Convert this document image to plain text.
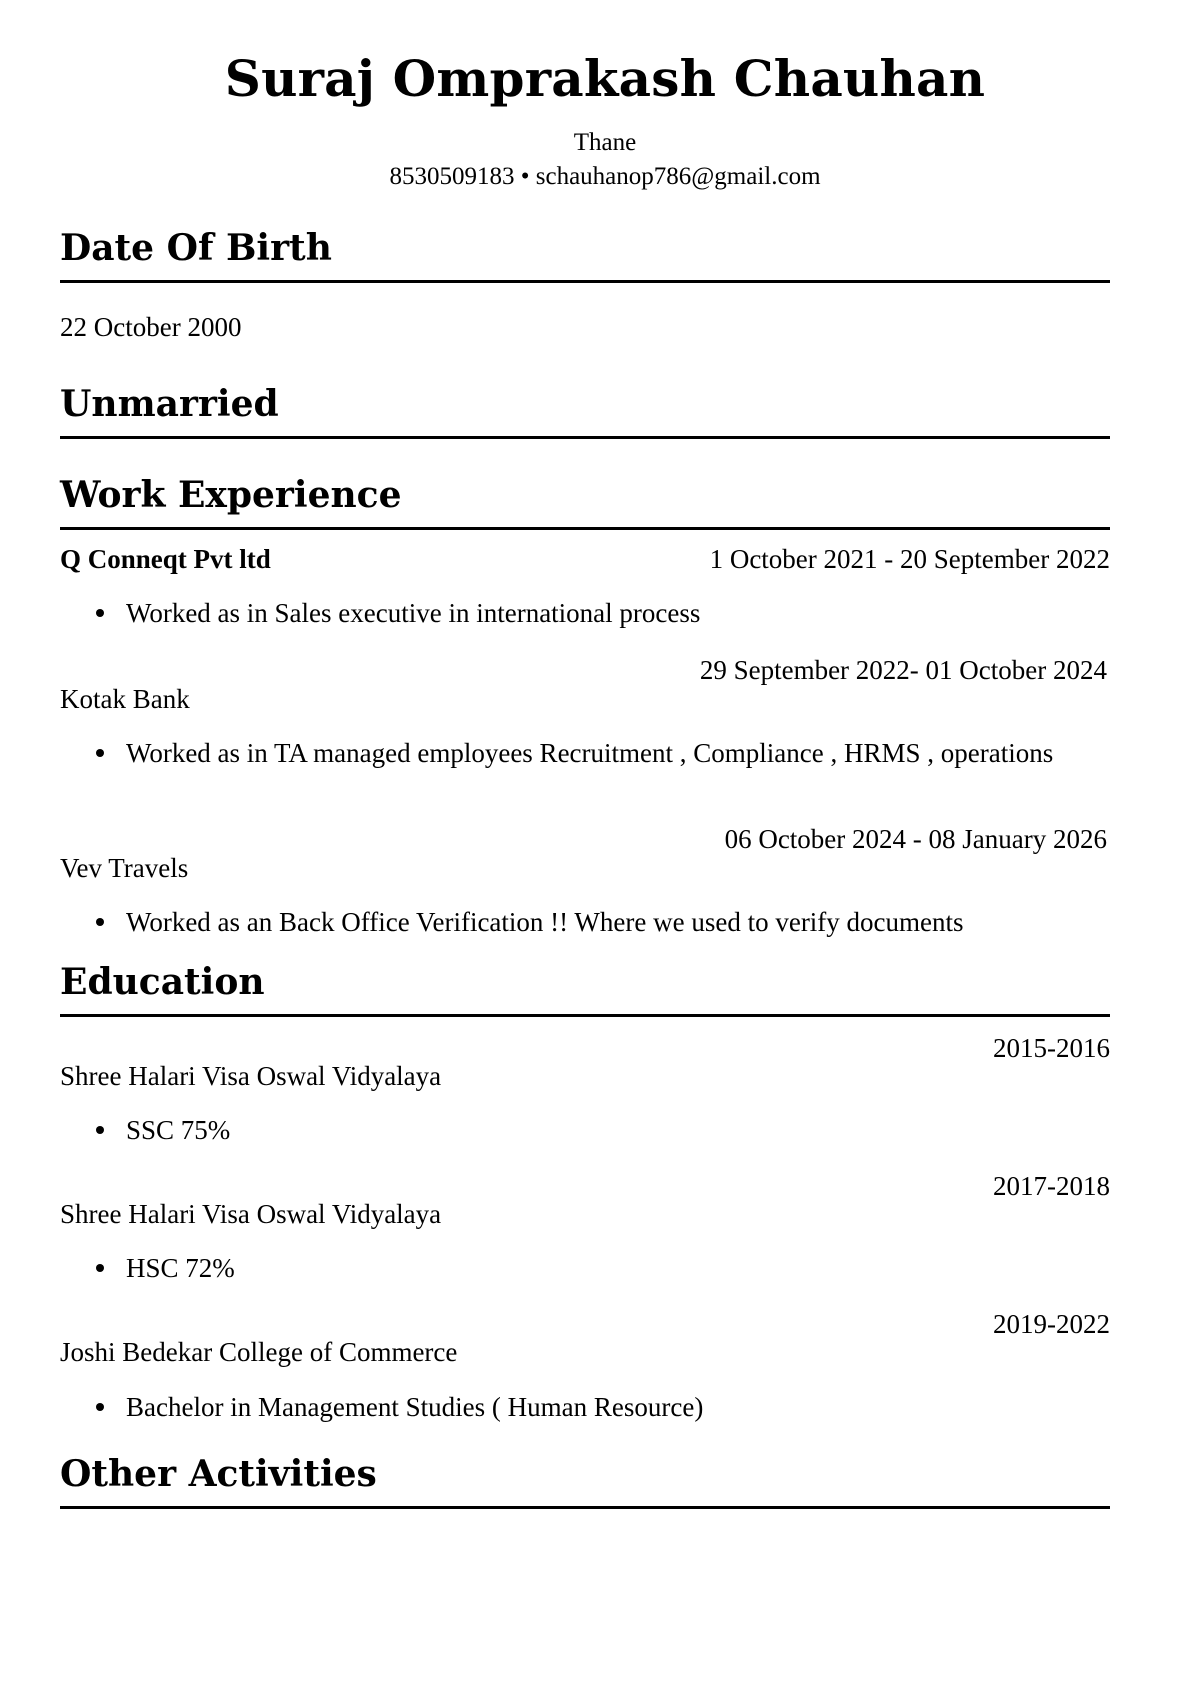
Suraj Omprakash Chauhan
Thane
8530509183 • schauhanop786@gmail.com
Date Of Birth
22 October 2000
Unmarried
Work Experience
Q Conneqt Pvt ltd	1 October 2021 - 20 September 2022
Worked as in Sales executive in international process
29 September 2022- 01 October 2024
Kotak Bank
Worked as in TA managed employees Recruitment , Compliance , HRMS , operations
06 October 2024 - 08 January 2026
Vev Travels
Worked as an Back Office Verification !! Where we used to verify documents
Education
2015-2016
Shree Halari Visa Oswal Vidyalaya
SSC 75%
2017-2018
Shree Halari Visa Oswal Vidyalaya
HSC 72%
2019-2022
Joshi Bedekar College of Commerce
Bachelor in Management Studies ( Human Resource)
Other Activities
